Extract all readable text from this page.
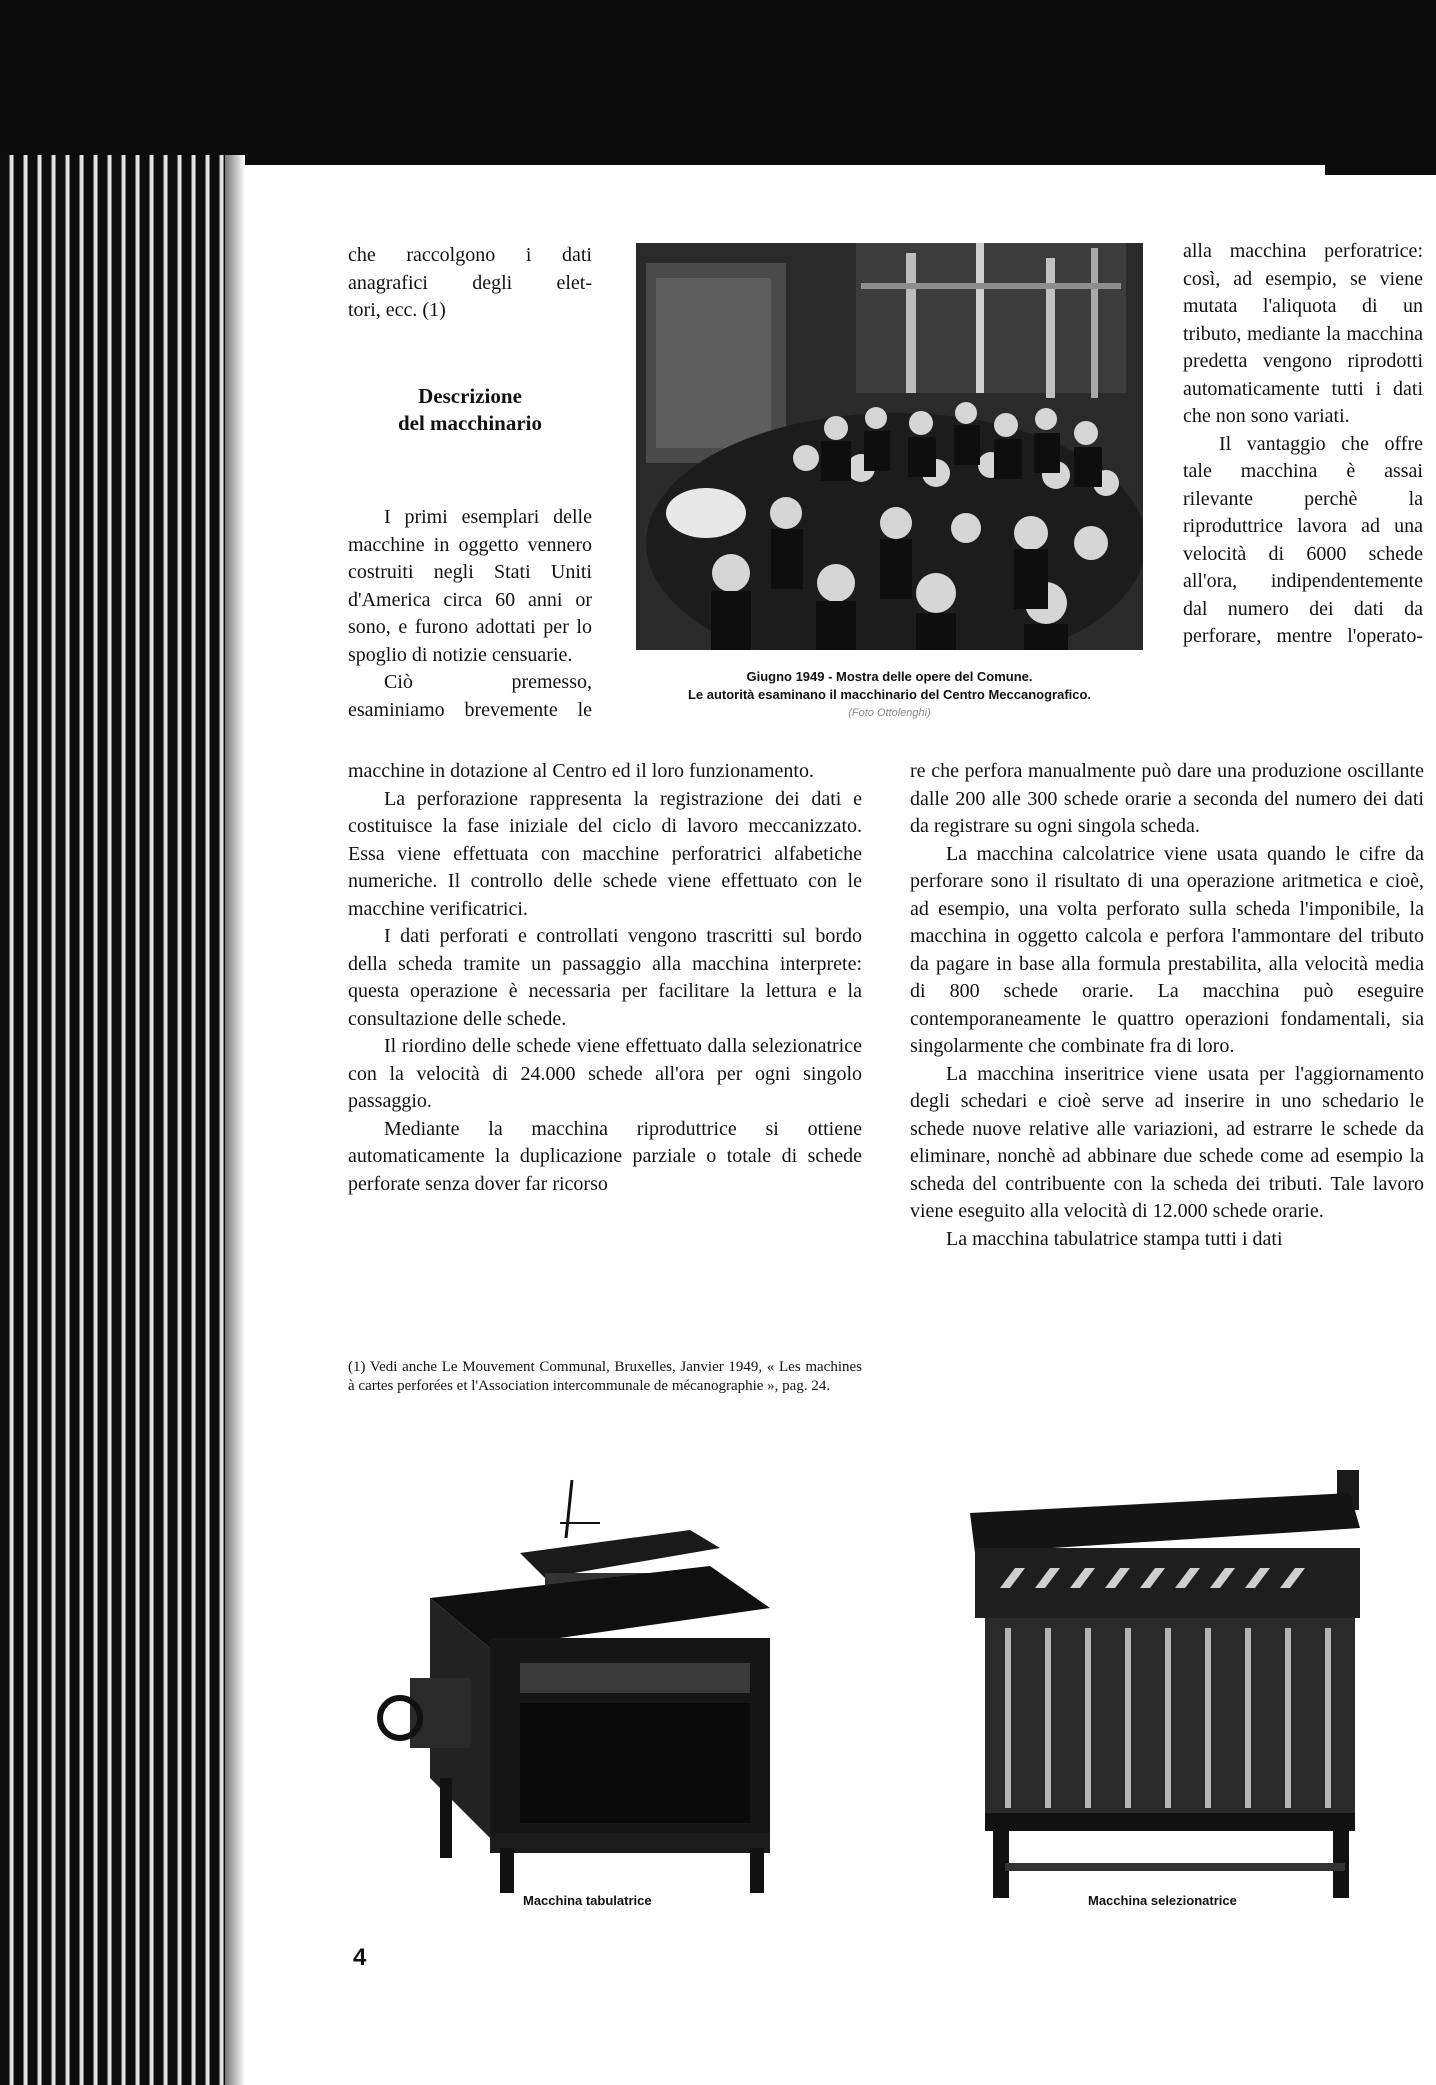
che raccolgono i dati

anagrafici degli elet-

tori, ecc. (1)

Descrizione
del macchinario

I primi esemplari delle macchine in oggetto vennero costruiti negli Stati Uniti d'America circa 60 anni or sono, e furono adottati per lo spoglio di notizie censuarie.

Ciò premesso, esaminiamo brevemente le

macchine in dotazione al Centro ed il loro funzionamento.

La perforazione rappresenta la registrazione dei dati e costituisce la fase iniziale del ciclo di lavoro meccanizzato. Essa viene effettuata con macchine perforatrici alfabetiche numeriche. Il controllo delle schede viene effettuato con le macchine verificatrici.

I dati perforati e controllati vengono trascritti sul bordo della scheda tramite un passaggio alla macchina interprete: questa operazione è necessaria per facilitare la lettura e la consultazione delle schede.

Il riordino delle schede viene effettuato dalla selezionatrice con la velocità di 24.000 schede all'ora per ogni singolo passaggio.

Mediante la macchina riproduttrice si ottiene automaticamente la duplicazione parziale o totale di schede perforate senza dover far ricorso

(1) Vedi anche Le Mouvement Communal, Bruxelles, Janvier 1949, « Les machines à cartes perforées et l'Association intercommunale de mécanographie », pag. 24.
Giugno 1949 - Mostra delle opere del Comune.
Le autorità esaminano il macchinario del Centro Meccanografico.
(Foto Ottolenghi)

alla macchina perforatrice: così, ad esempio, se viene mutata l'aliquota di un tributo, mediante la macchina predetta vengono riprodotti automaticamente tutti i dati che non sono variati.

Il vantaggio che offre tale macchina è assai rilevante perchè la riproduttrice lavora ad una velocità di 6000 schede all'ora, indipendentemente dal numero dei dati da perforare, mentre l'operato-

re che perfora manualmente può dare una produzione oscillante dalle 200 alle 300 schede orarie a seconda del numero dei dati da registrare su ogni singola scheda.

La macchina calcolatrice viene usata quando le cifre da perforare sono il risultato di una operazione aritmetica e cioè, ad esempio, una volta perforato sulla scheda l'imponibile, la macchina in oggetto calcola e perfora l'ammontare del tributo da pagare in base alla formula prestabilita, alla velocità media di 800 schede orarie. La macchina può eseguire contemporaneamente le quattro operazioni fondamentali, sia singolarmente che combinate fra di loro.

La macchina inseritrice viene usata per l'aggiornamento degli schedari e cioè serve ad inserire in uno schedario le schede nuove relative alle variazioni, ad estrarre le schede da eliminare, nonchè ad abbinare due schede come ad esempio la scheda del contribuente con la scheda dei tributi. Tale lavoro viene eseguito alla velocità di 12.000 schede orarie.

La macchina tabulatrice stampa tutti i dati

Macchina tabulatrice	Macchina selezionatrice
4
